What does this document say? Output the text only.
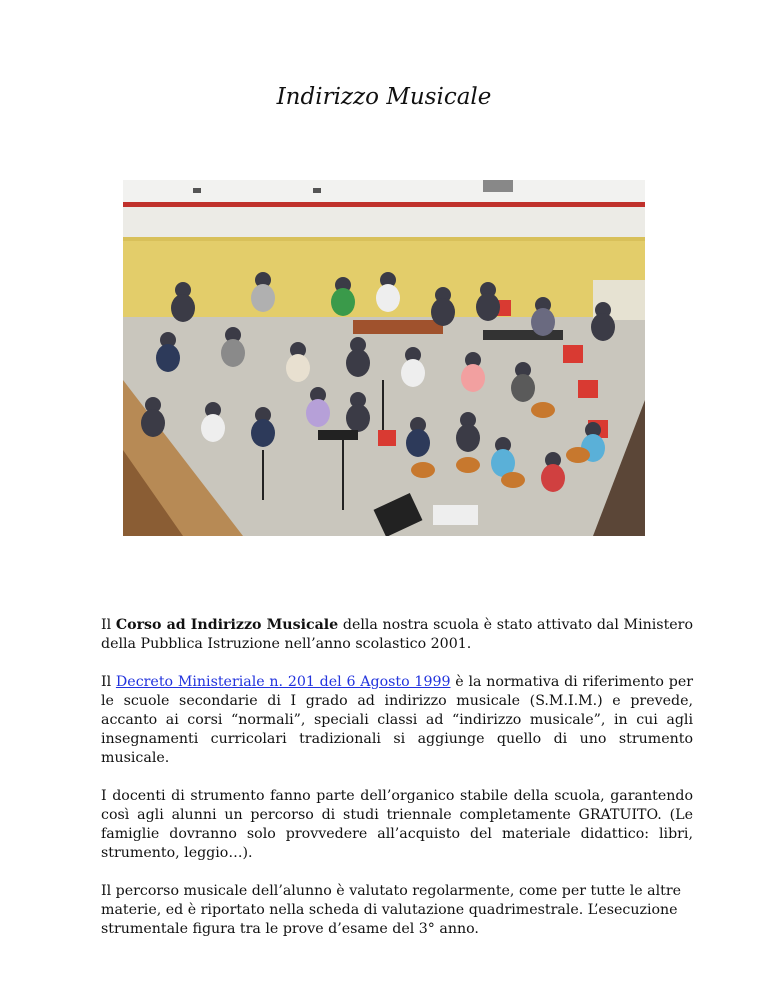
Indirizzo Musicale

Il Corso ad Indirizzo Musicale della nostra scuola è stato attivato dal Ministero della Pubblica Istruzione nell’anno scolastico 2001.

Il Decreto Ministeriale n. 201 del 6 Agosto 1999 è la normativa di riferimento per le scuole secondarie di I grado ad indirizzo musicale (S.M.I.M.) e prevede, accanto ai corsi “normali”, speciali classi ad “indirizzo musicale”, in cui agli insegnamenti curricolari tradizionali si aggiunge quello di uno strumento musicale.

I docenti di strumento fanno parte dell’organico stabile della scuola, garantendo così agli alunni un percorso di studi triennale completamente GRATUITO. (Le famiglie dovranno solo provvedere all’acquisto del materiale didattico: libri, strumento, leggio…).

Il percorso musicale dell’alunno è valutato regolarmente, come per tutte le altre materie, ed è riportato nella scheda di valutazione quadrimestrale. L’esecuzione strumentale figura tra le prove d’esame del 3° anno.
